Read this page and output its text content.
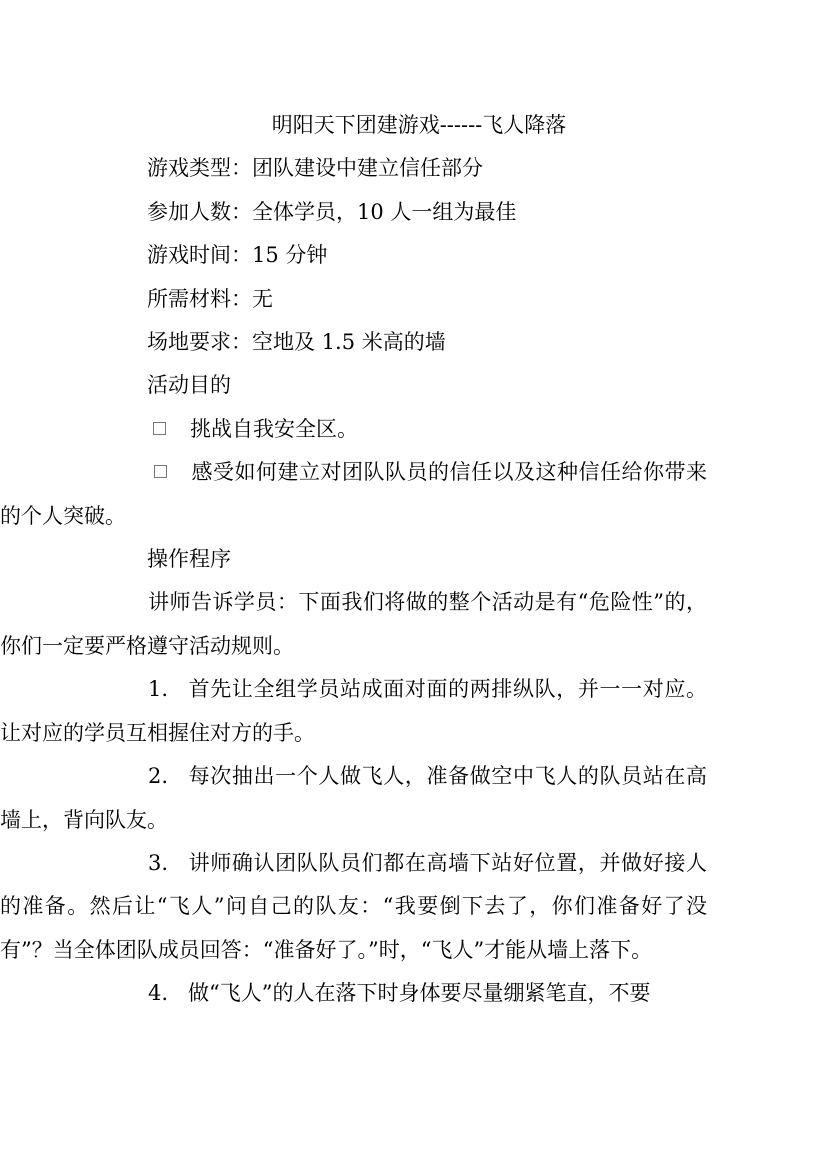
明阳天下团建游戏------飞人降落

游戏类型：团队建设中建立信任部分

参加人数：全体学员，10 人一组为最佳

游戏时间：15 分钟

所需材料：无

场地要求：空地及 1.5 米高的墙

活动目的

挑战自我安全区。

感受如何建立对团队队员的信任以及这种信任给你带来的个人突破。

操作程序

讲师告诉学员：下面我们将做的整个活动是有“危险性”的，你们一定要严格遵守活动规则。

1. 首先让全组学员站成面对面的两排纵队，并一一对应。让对应的学员互相握住对方的手。

2. 每次抽出一个人做飞人，准备做空中飞人的队员站在高墙上，背向队友。

3. 讲师确认团队队员们都在高墙下站好位置，并做好接人的准备。然后让“飞人”问自己的队友：“我要倒下去了，你们准备好了没有”？当全体团队成员回答：“准备好了。”时，“飞人”才能从墙上落下。

4. 做“飞人”的人在落下时身体要尽量绷紧笔直，不要
